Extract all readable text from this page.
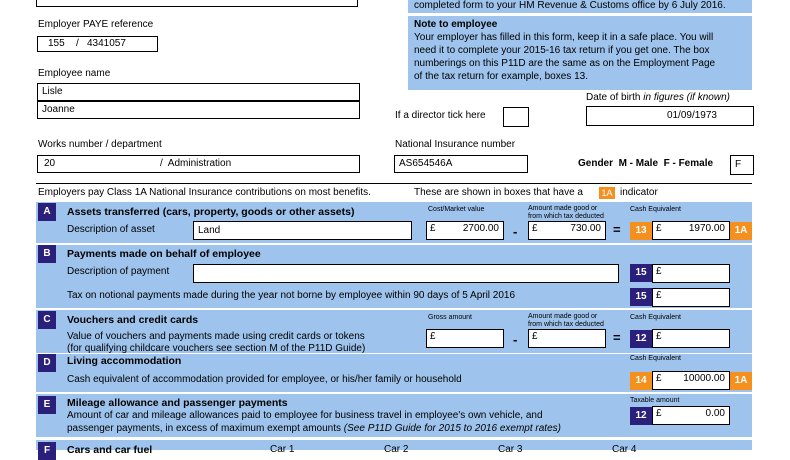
completed form to your HM Revenue & Customs office by 6 July 2016.
Note to employee
Your employer has filled in this form, keep it in a safe place. You will
need it to complete your 2015-16 tax return if you get one. The box
numberings on this P11D are the same as on the Employment Page
of the tax return for example, boxes 13.
Employer PAYE reference
155 / 4341057
Employee name
Lisle
Joanne
If a director tick here
Date of birth in figures (if known)
01/09/1973
Works number / department
20	/  Administration
National Insurance number
AS654546A	Gender  M - Male  F - Female	F
Employers pay Class 1A National Insurance contributions on most benefits.	These are shown in boxes that have a 1A indicator
A	Assets transferred (cars, property, goods or other assets)	Cost/Market value	Amount made good or
from which tax deducted
Cash Equivalent
Description of asset	Land	£	2700.00 - £	730.00 =	13 £	1970.00 1A
B	Payments made on behalf of employee
Description of payment	15 £
Tax on notional payments made during the year not borne by employee within 90 days of 5 April 2016	15 £
C	Vouchers and credit cards	Gross amount	Amount made good or
from which tax deducted
Cash Equivalent
Value of vouchers and payments made using credit cards or tokens
(for qualifying childcare vouchers see section M of the P11D Guide)
£	- £	=	12 £
D	Living accommodation	Cash Equivalent
Cash equivalent of accommodation provided for employee, or his/her family or household	14 £ 10000.00 1A
E	Mileage allowance and passenger payments	Taxable amount
Amount of car and mileage allowances paid to employee for business travel in employee's own vehicle, and
passenger payments, in excess of maximum exempt amounts (See P11D Guide for 2015 to 2016 exempt rates)
12 £	0.00
F	Cars and car fuel	Car 1	Car 2	Car 3	Car 4
